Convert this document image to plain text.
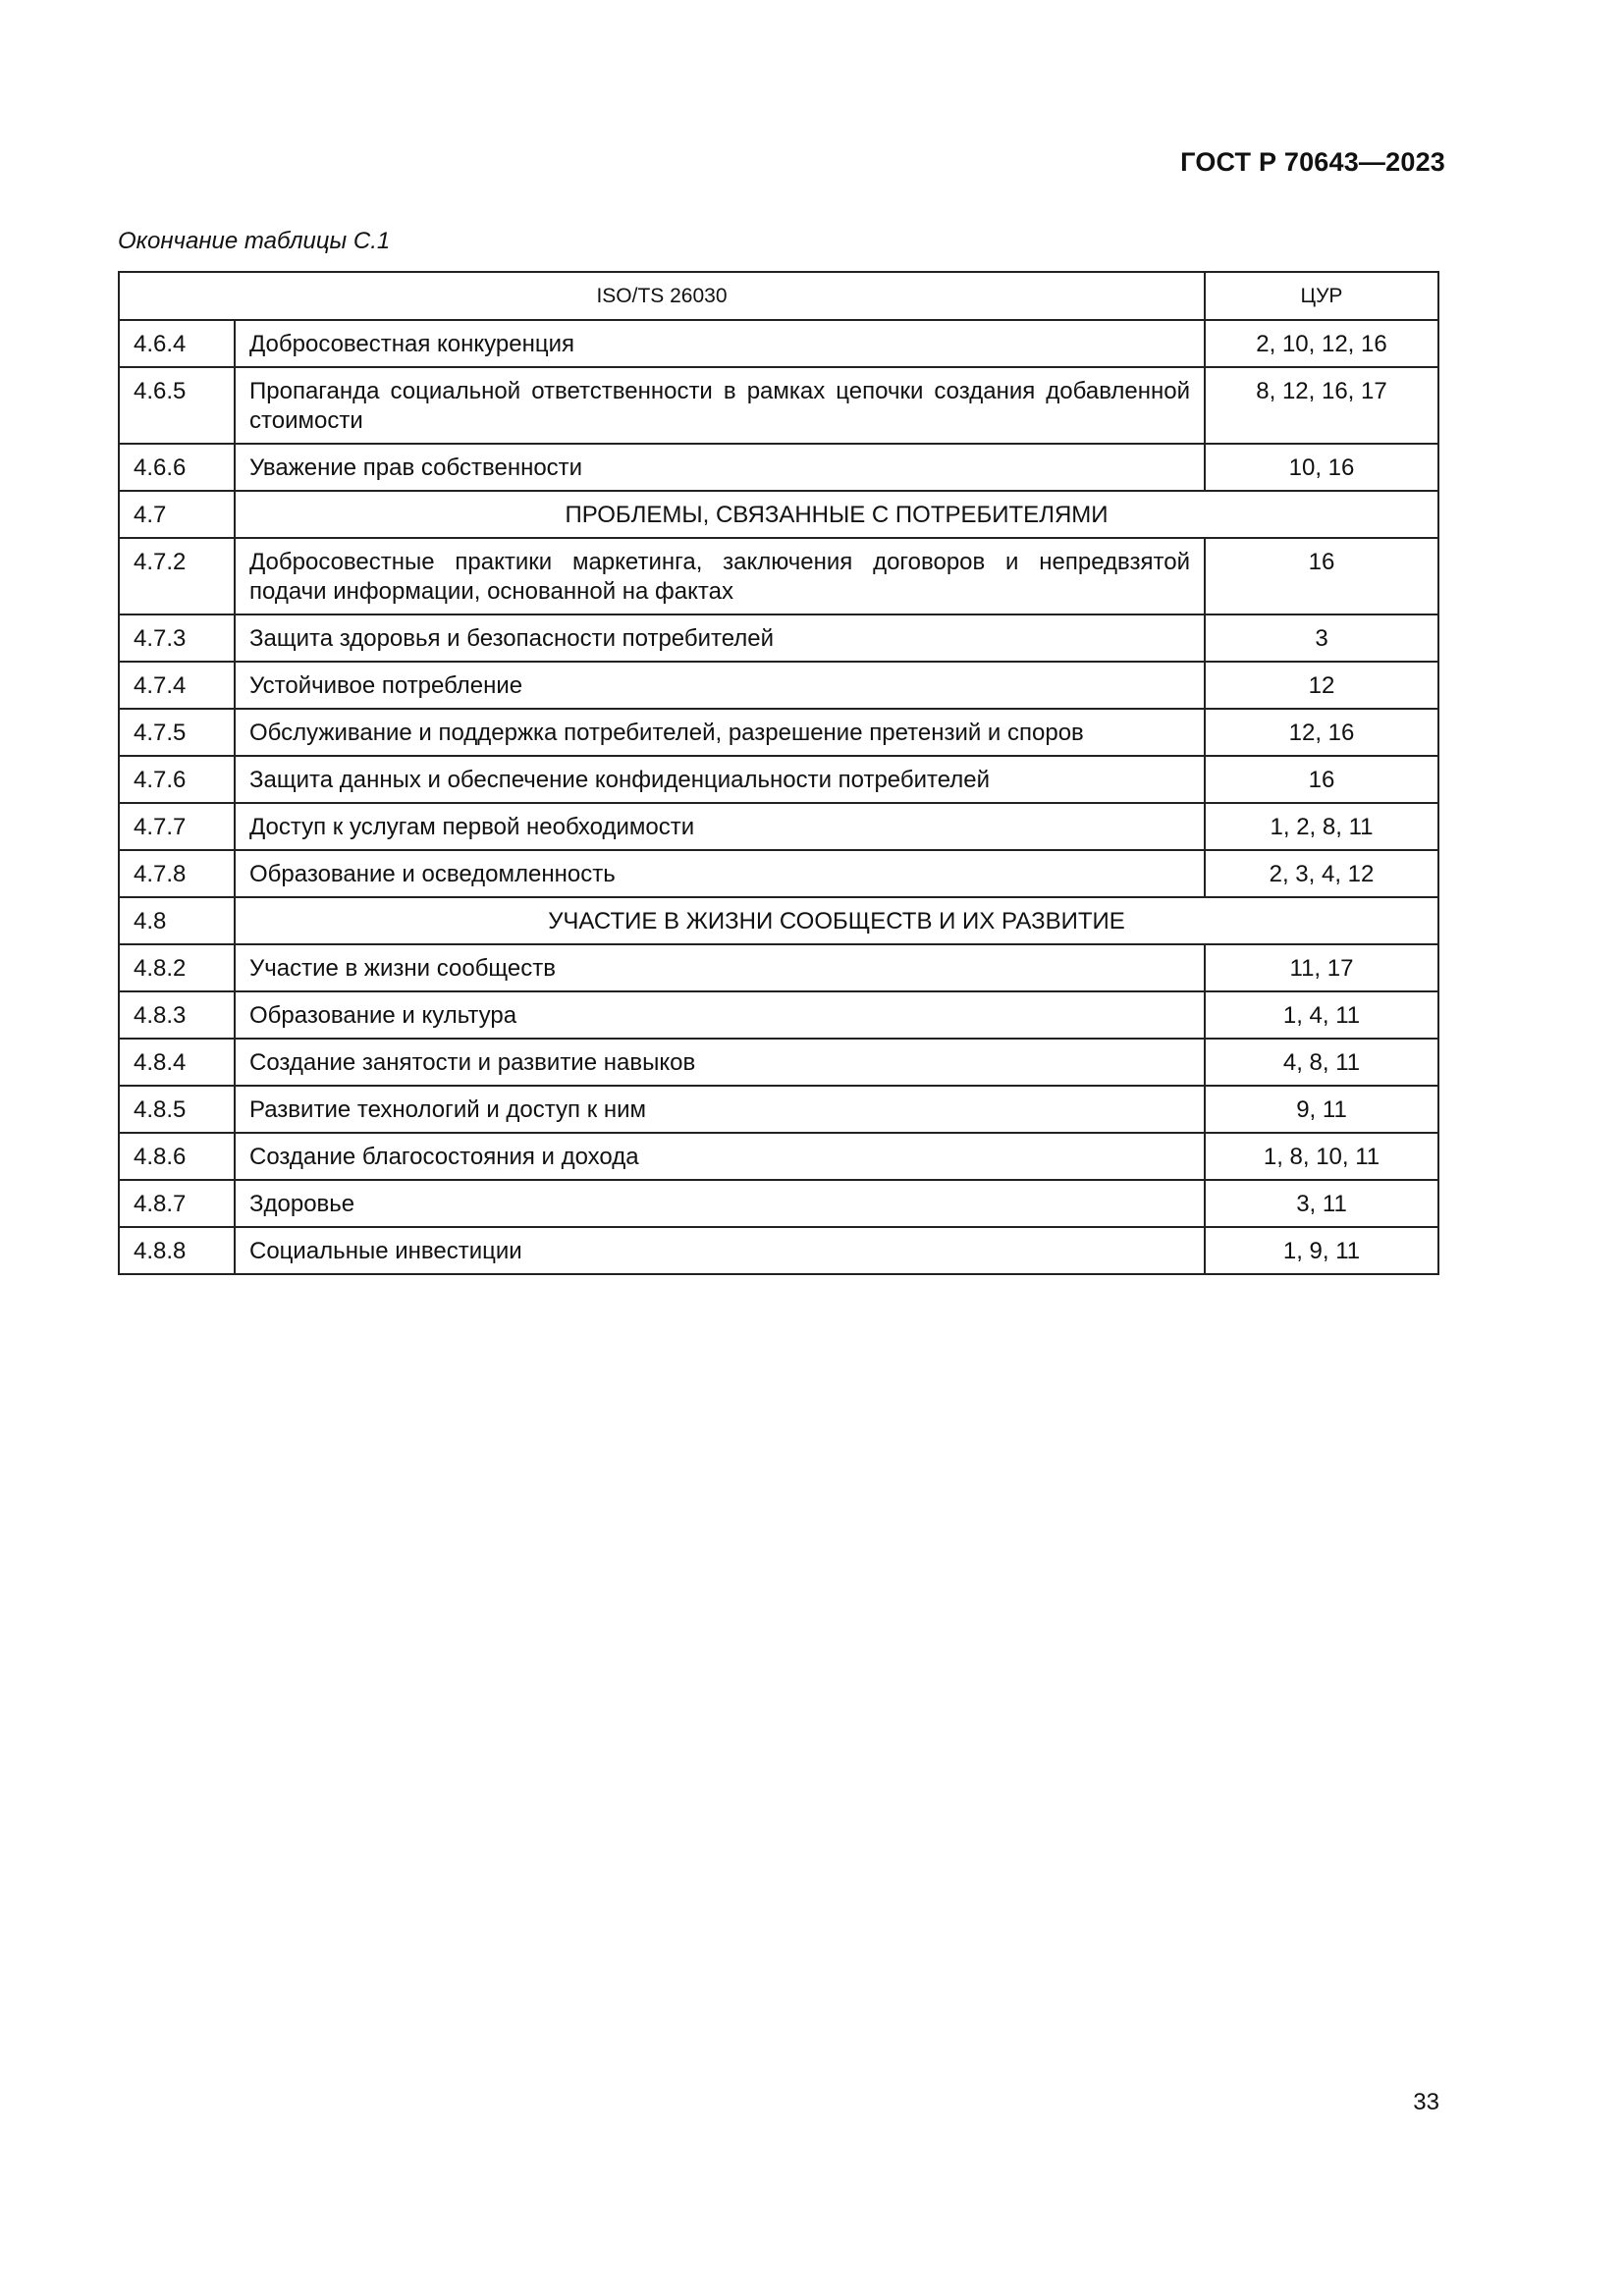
ГОСТ Р 70643—2023
Окончание таблицы С.1
ISO/TS 26030		ЦУР
4.6.4	Добросовестная конкуренция	2, 10, 12, 16
4.6.5	Пропаганда социальной ответственности в рамках цепочки создания добавленной стоимости	8, 12, 16, 17
4.6.6	Уважение прав собственности	10, 16
4.7	ПРОБЛЕМЫ, СВЯЗАННЫЕ С ПОТРЕБИТЕЛЯМИ	
4.7.2	Добросовестные практики маркетинга, заключения договоров и непредвзятой подачи информации, основанной на фактах	16
4.7.3	Защита здоровья и безопасности потребителей	3
4.7.4	Устойчивое потребление	12
4.7.5	Обслуживание и поддержка потребителей, разрешение претензий и споров	12, 16
4.7.6	Защита данных и обеспечение конфиденциальности потребителей	16
4.7.7	Доступ к услугам первой необходимости	1, 2, 8, 11
4.7.8	Образование и осведомленность	2, 3, 4, 12
4.8	УЧАСТИЕ В ЖИЗНИ СООБЩЕСТВ И ИХ РАЗВИТИЕ	
4.8.2	Участие в жизни сообществ	11, 17
4.8.3	Образование и культура	1, 4, 11
4.8.4	Создание занятости и развитие навыков	4, 8, 11
4.8.5	Развитие технологий и доступ к ним	9, 11
4.8.6	Создание благосостояния и дохода	1, 8, 10, 11
4.8.7	Здоровье	3, 11
4.8.8	Социальные инвестиции	1, 9, 11
33
